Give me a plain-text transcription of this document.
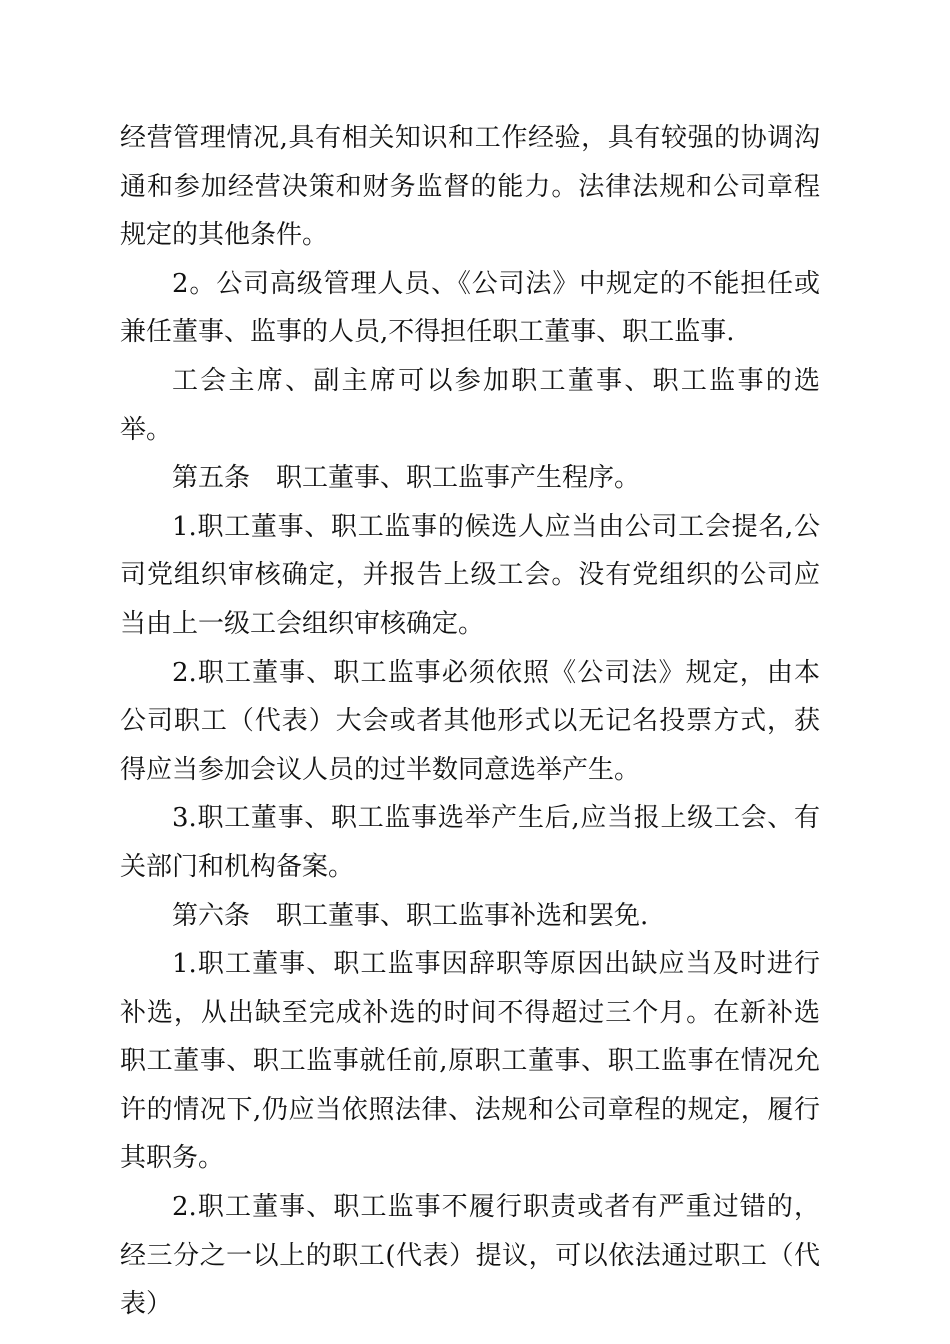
经营管理情况,具有相关知识和工作经验，具有较强的协调沟通和参加经营决策和财务监督的能力。法律法规和公司章程规定的其他条件。

2。公司高级管理人员、《公司法》中规定的不能担任或兼任董事、监事的人员,不得担任职工董事、职工监事.

工会主席、副主席可以参加职工董事、职工监事的选举。

第五条　职工董事、职工监事产生程序。

1.职工董事、职工监事的候选人应当由公司工会提名,公司党组织审核确定，并报告上级工会。没有党组织的公司应当由上一级工会组织审核确定。

2.职工董事、职工监事必须依照《公司法》规定，由本公司职工（代表）大会或者其他形式以无记名投票方式，获得应当参加会议人员的过半数同意选举产生。

3.职工董事、职工监事选举产生后,应当报上级工会、有关部门和机构备案。

第六条　职工董事、职工监事补选和罢免.

1.职工董事、职工监事因辞职等原因出缺应当及时进行补选，从出缺至完成补选的时间不得超过三个月。在新补选职工董事、职工监事就任前,原职工董事、职工监事在情况允许的情况下,仍应当依照法律、法规和公司章程的规定，履行其职务。

2.职工董事、职工监事不履行职责或者有严重过错的，经三分之一以上的职工(代表）提议，可以依法通过职工（代表）
